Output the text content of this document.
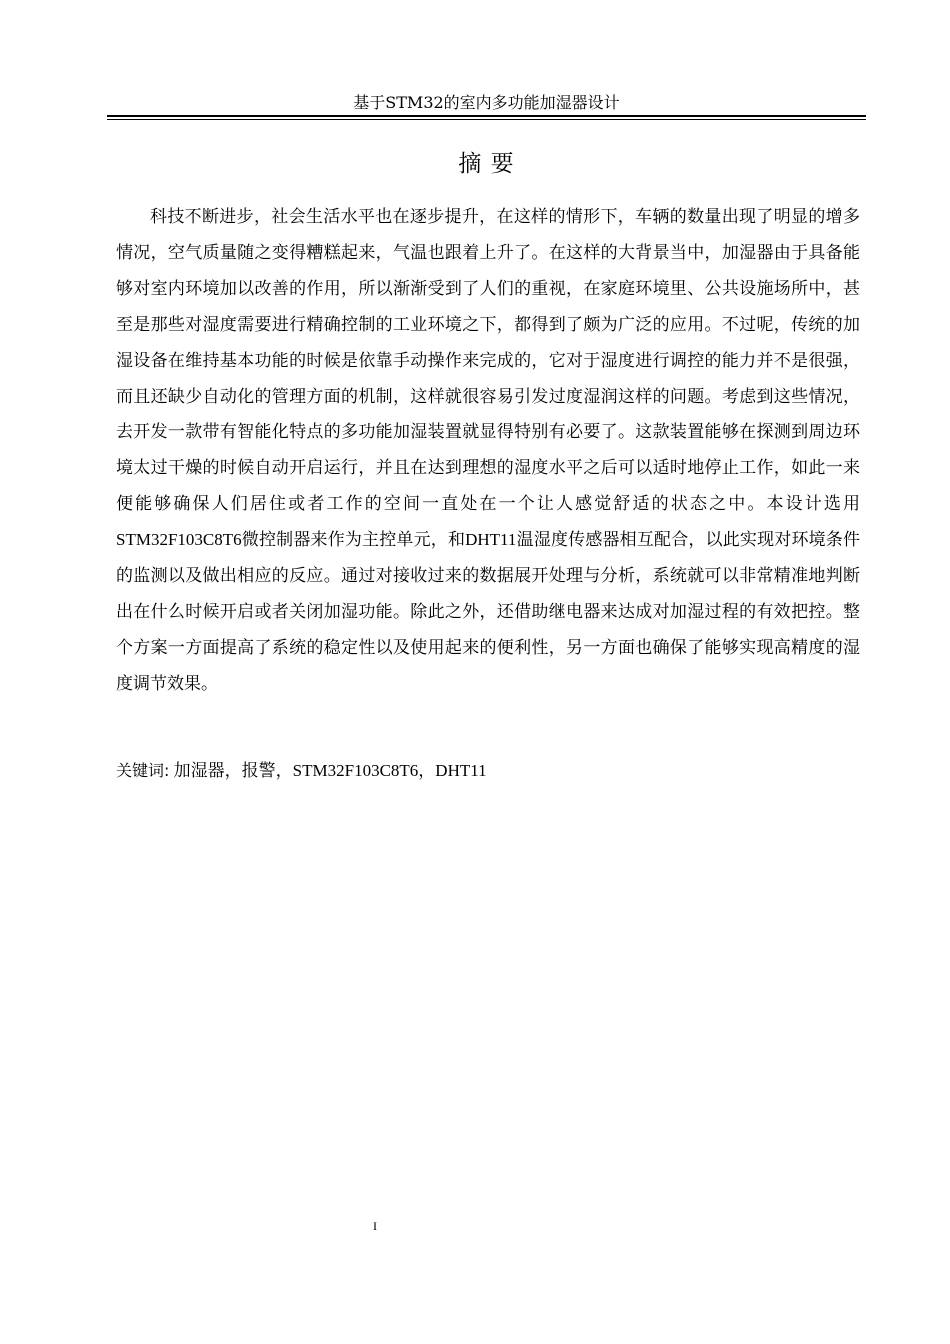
基于STM32的室内多功能加湿器设计
摘 要

科技不断进步，社会生活水平也在逐步提升，在这样的情形下，车辆的数量出现了明显的增多情况，空气质量随之变得糟糕起来，气温也跟着上升了。在这样的大背景当中，加湿器由于具备能够对室内环境加以改善的作用，所以渐渐受到了人们的重视，在家庭环境里、公共设施场所中，甚至是那些对湿度需要进行精确控制的工业环境之下，都得到了颇为广泛的应用。不过呢，传统的加湿设备在维持基本功能的时候是依靠手动操作来完成的，它对于湿度进行调控的能力并不是很强，而且还缺少自动化的管理方面的机制，这样就很容易引发过度湿润这样的问题。考虑到这些情况，去开发一款带有智能化特点的多功能加湿装置就显得特别有必要了。这款装置能够在探测到周边环境太过干燥的时候自动开启运行，并且在达到理想的湿度水平之后可以适时地停止工作，如此一来便能够确保人们居住或者工作的空间一直处在一个让人感觉舒适的状态之中。本设计选用STM32F103C8T6微控制器来作为主控单元，和DHT11温湿度传感器相互配合，以此实现对环境条件的监测以及做出相应的反应。通过对接收过来的数据展开处理与分析，系统就可以非常精准地判断出在什么时候开启或者关闭加湿功能。除此之外，还借助继电器来达成对加湿过程的有效把控。整个方案一方面提高了系统的稳定性以及使用起来的便利性，另一方面也确保了能够实现高精度的湿度调节效果。

关键词: 加湿器，报警，STM32F103C8T6，DHT11
I
